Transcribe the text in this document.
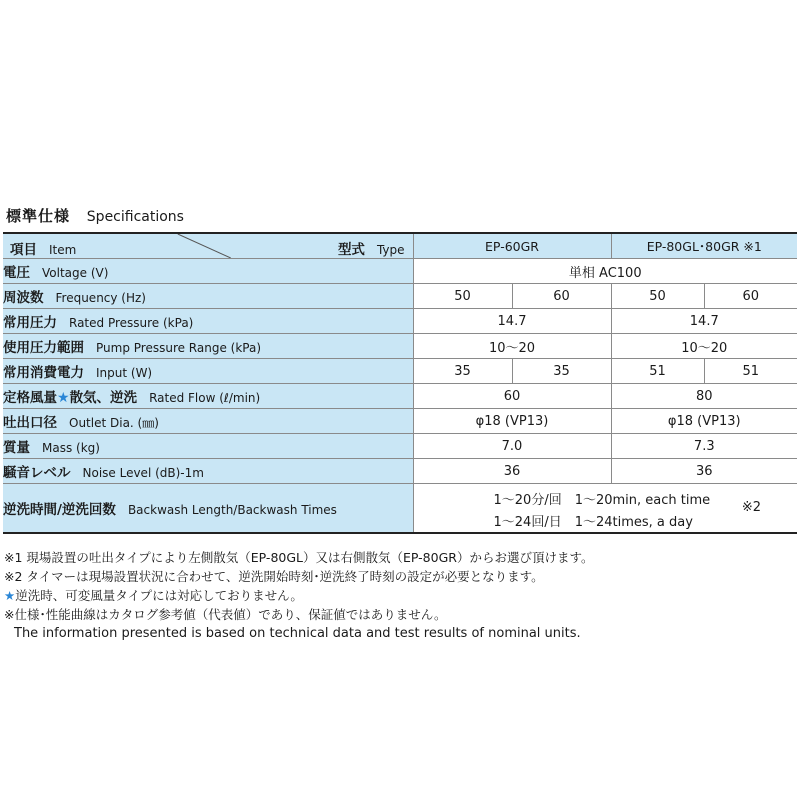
標準仕様 Specifications
項目 Item 型式 Type	EP-60GR		EP-80GL･80GR ※1	
電圧 Voltage (V)	単相 AC100			
周波数 Frequency (Hz)	50	60	50	60
常用圧力 Rated Pressure (kPa)	14.7		14.7	
使用圧力範囲 Pump Pressure Range (kPa)	10～20		10～20	
常用消費電力 Input (W)	35	35	51	51
定格風量★散気、逆洗 Rated Flow (ℓ/min)	60		80	
吐出口径 Outlet Dia. (㎜)	φ18 (VP13)		φ18 (VP13)	
質量 Mass (kg)	7.0		7.3	
騒音レベル Noise Level (dB)-1m	36		36	
逆洗時間/逆洗回数 Backwash Length/Backwash Times	1～20分/回　1～20min, each time
1～24回/日　1～24times, a day
※2			
※1 現場設置の吐出タイプにより左側散気（EP-80GL）又は右側散気（EP-80GR）からお選び頂けます。
※2 タイマーは現場設置状況に合わせて、逆洗開始時刻･逆洗終了時刻の設定が必要となります。
★逆洗時、可変風量タイプには対応しておりません。
※仕様･性能曲線はカタログ参考値（代表値）であり、保証値ではありません。
The information presented is based on technical data and test results of nominal units.
